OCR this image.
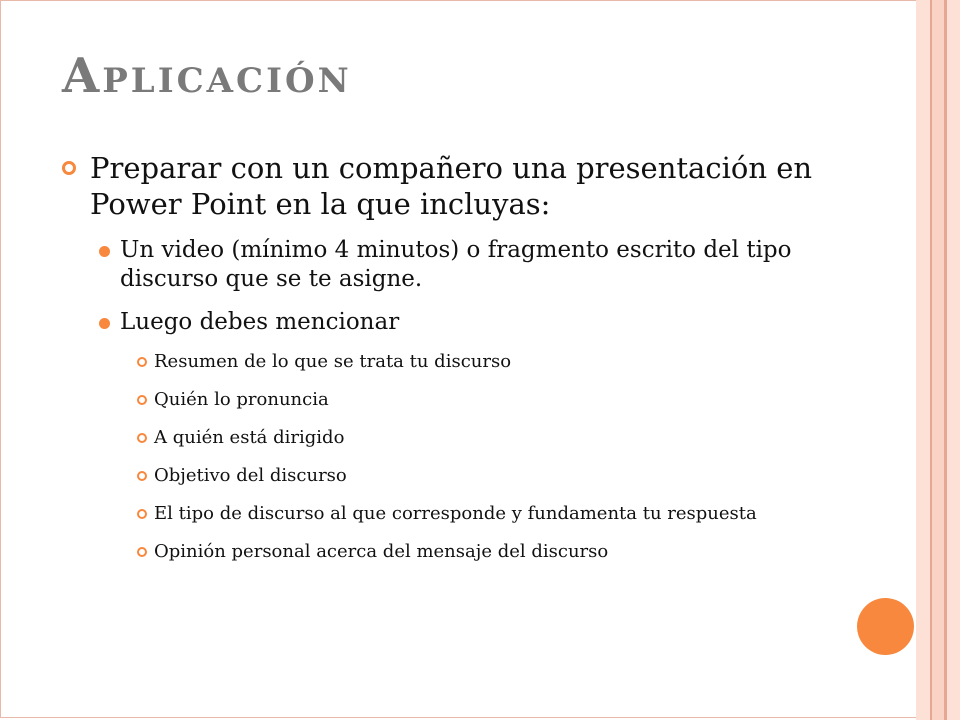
Aplicación
Preparar con un compañero una presentación en Power Point en la que incluyas:
Un video (mínimo 4 minutos) o fragmento escrito del tipo discurso que se te asigne.
Luego debes mencionar
Resumen de lo que se trata tu discurso
Quién lo pronuncia
A quién está dirigido
Objetivo del discurso
El tipo de discurso al que corresponde y fundamenta tu respuesta
Opinión personal acerca del mensaje del discurso
